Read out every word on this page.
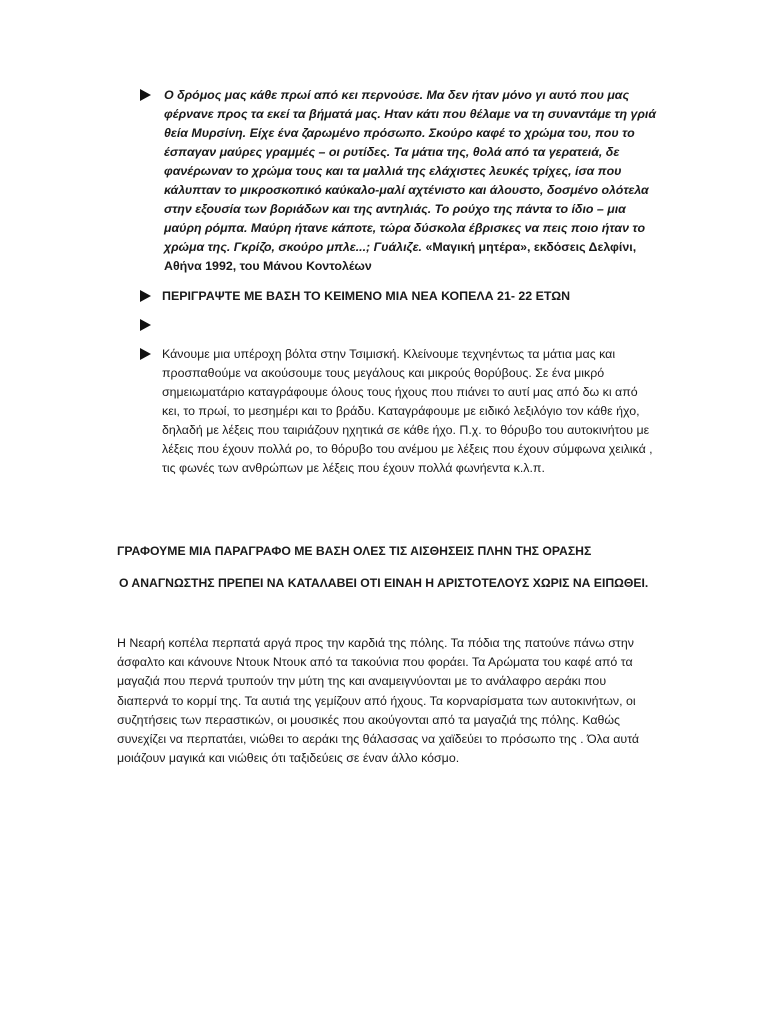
Ο δρόμος μας κάθε πρωί από κει περνούσε. Μα δεν ήταν μόνο γι αυτό που μας φέρνανε προς τα εκεί τα βήματά μας. Ηταν κάτι που θέλαμε να τη συναντάμε τη γριά θεία Μυρσίνη. Είχε ένα ζαρωμένο πρόσωπο. Σκούρο καφέ το χρώμα του, που το έσπαγαν μαύρες γραμμές – οι ρυτίδες. Τα μάτια της, θολά από τα γερατειά, δε φανέρωναν το χρώμα τους και τα μαλλιά της ελάχιστες λευκές τρίχες, ίσα που κάλυπταν το μικροσκοπικό καύκαλο-μαλί αχτένιστο και άλουστο, δοσμένο ολότελα στην εξουσία των βοριάδων και της αντηλιάς. Το ρούχο της πάντα το ίδιο – μια μαύρη ρόμπα. Μαύρη ήτανε κάποτε, τώρα δύσκολα έβρισκες να πεις ποιο ήταν το χρώμα της. Γκρίζο, σκούρο μπλε...; Γυάλιζε. «Μαγική μητέρα», εκδόσεις Δελφίνι, Αθήνα 1992, του Μάνου Κοντολέων
ΠΕΡΙΓΡΑΨΤΕ ΜΕ ΒΑΣΗ ΤΟ ΚΕΙΜΕΝΟ ΜΙΑ ΝΕΑ ΚΟΠΕΛΑ 21- 22 ΕΤΩΝ
Κάνουμε μια υπέροχη βόλτα στην Τσιμισκή. Κλείνουμε τεχνηέντως τα μάτια μας και προσπαθούμε να ακούσουμε τους μεγάλους και μικρούς θορύβους. Σε ένα μικρό σημειωματάριο καταγράφουμε όλους τους ήχους που πιάνει το αυτί μας από δω κι από κει, το πρωί, το μεσημέρι και το βράδυ. Καταγράφουμε με ειδικό λεξιλόγιο τον κάθε ήχο, δηλαδή με λέξεις που ταιριάζουν ηχητικά σε κάθε ήχο. Π.χ. το θόρυβο του αυτοκινήτου με λέξεις που έχουν πολλά ρο, το θόρυβο του ανέμου με λέξεις που έχουν σύμφωνα χειλικά , τις φωνές των ανθρώπων με λέξεις που έχουν πολλά φωνήεντα κ.λ.π.
ΓΡΑΦΟΥΜΕ ΜΙΑ ΠΑΡΑΓΡΑΦΟ ΜΕ ΒΑΣΗ ΟΛΕΣ ΤΙΣ ΑΙΣΘΗΣΕΙΣ ΠΛΗΝ ΤΗΣ ΟΡΑΣΗΣ
Ο ΑΝΑΓΝΩΣΤΗΣ ΠΡΕΠΕΙ ΝΑ ΚΑΤΑΛΑΒΕΙ ΟΤΙ ΕΙΝΑΗ Η ΑΡΙΣΤΟΤΕΛΟΥΣ ΧΩΡΙΣ ΝΑ ΕΙΠΩΘΕΙ.

Η Νεαρή κοπέλα περπατά αργά προς την καρδιά της πόλης. Τα πόδια της πατούνε πάνω στην άσφαλτο και κάνουνε Ντουκ Ντουκ από τα τακούνια που φοράει. Τα Αρώματα του καφέ από τα μαγαζιά που περνά τρυπούν την μύτη της και αναμειγνύονται με το ανάλαφρο αεράκι που διαπερνά το κορμί της. Τα αυτιά της γεμίζουν από ήχους. Τα κορναρίσματα των αυτοκινήτων, οι συζητήσεις των περαστικών, οι μουσικές που ακούγονται από τα μαγαζιά της πόλης. Καθώς συνεχίζει να περπατάει, νιώθει το αεράκι της θάλασσας να χαϊδεύει το πρόσωπο της . Όλα αυτά μοιάζουν μαγικά και νιώθεις ότι ταξιδεύεις σε έναν άλλο κόσμο.
